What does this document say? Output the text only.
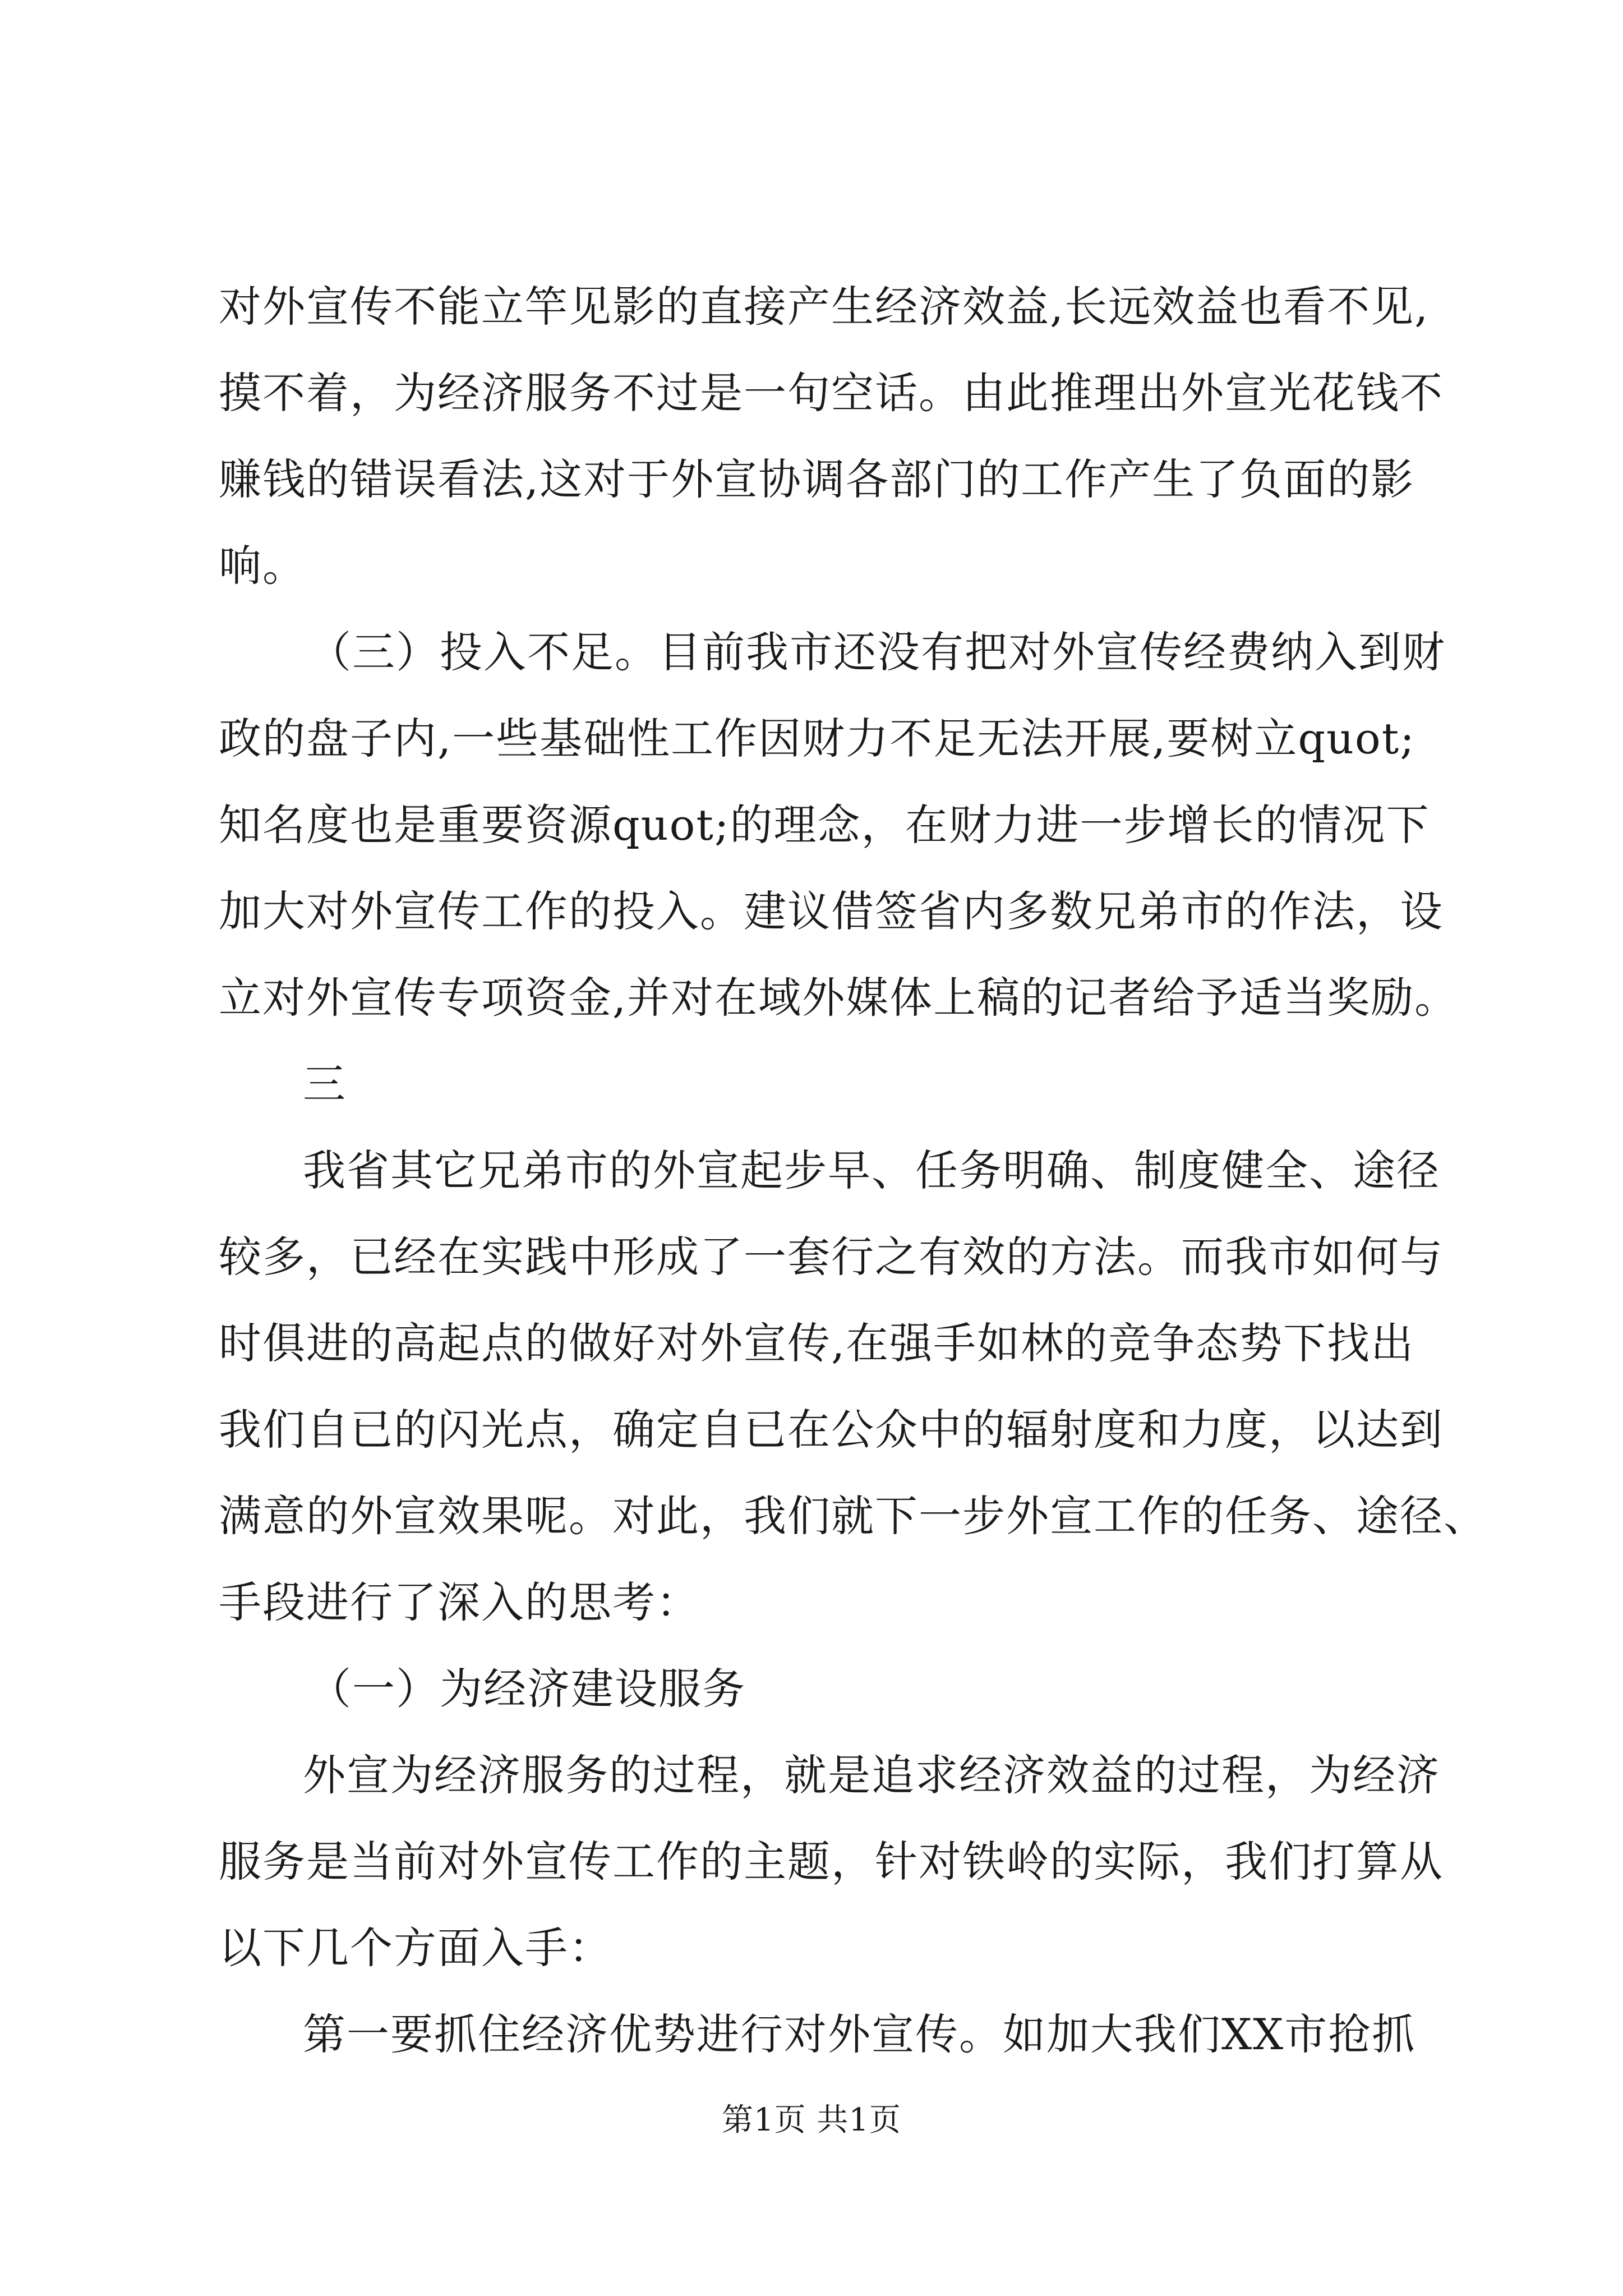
对外宣传不能立竿见影的直接产生经济效益,长远效益也看不见,
摸不着，为经济服务不过是一句空话。由此推理出外宣光花钱不
赚钱的错误看法,这对于外宣协调各部门的工作产生了负面的影
响。
（三）投入不足。目前我市还没有把对外宣传经费纳入到财
政的盘子内,一些基础性工作因财力不足无法开展,要树立quot;
知名度也是重要资源quot;的理念，在财力进一步增长的情况下
加大对外宣传工作的投入。建议借签省内多数兄弟市的作法，设
立对外宣传专项资金,并对在域外媒体上稿的记者给予适当奖励。
三
我省其它兄弟市的外宣起步早、任务明确、制度健全、途径
较多，已经在实践中形成了一套行之有效的方法。而我市如何与
时俱进的高起点的做好对外宣传,在强手如林的竞争态势下找出
我们自已的闪光点，确定自已在公众中的辐射度和力度，以达到
满意的外宣效果呢。对此，我们就下一步外宣工作的任务、途径、
手段进行了深入的思考：
（一）为经济建设服务
外宣为经济服务的过程，就是追求经济效益的过程，为经济
服务是当前对外宣传工作的主题，针对铁岭的实际，我们打算从
以下几个方面入手：
第一要抓住经济优势进行对外宣传。如加大我们XX市抢抓
第1页 共1页
